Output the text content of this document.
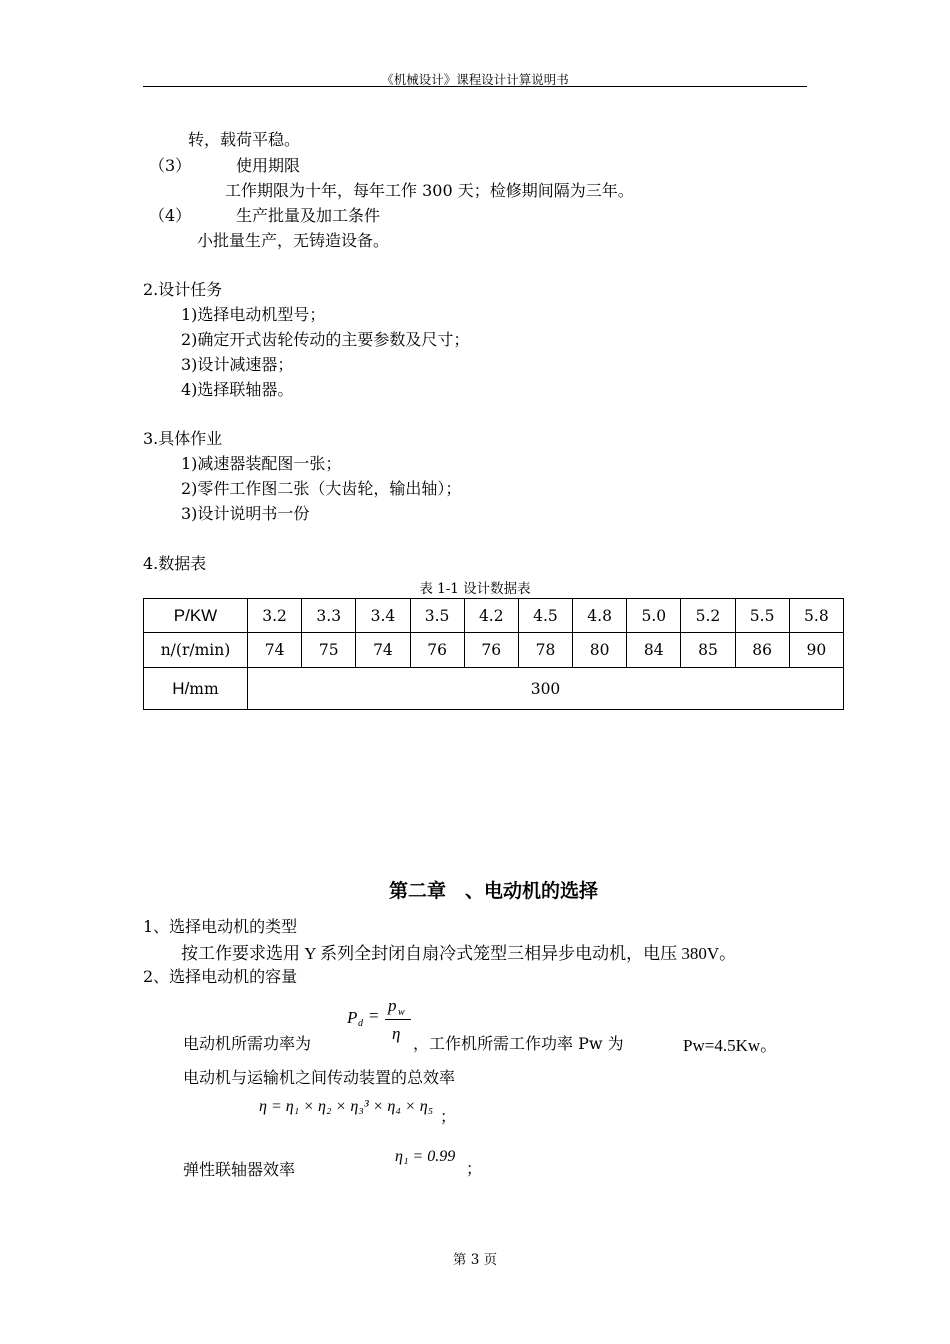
《机械设计》课程设计计算说明书
转，载荷平稳。
（3）	使用期限
工作期限为十年，每年工作 300 天；检修期间隔为三年。
（4）	生产批量及加工条件
小批量生产，无铸造设备。
2.设计任务
1)选择电动机型号；
2)确定开式齿轮传动的主要参数及尺寸；
3)设计减速器；
4)选择联轴器。
3.具体作业
1)减速器装配图一张；
2)零件工作图二张（大齿轮，输出轴）；
3)设计说明书一份
4.数据表
表 1-1 设计数据表
P/KW	3.2	3.3	3.4	3.5	4.2	4.5	4.8	5.0	5.2	5.5	5.8
n/(r/min)	74	75	74	76	76	78	80	84	85	86	90
H/mm	300										
第二章　、电动机的选择
1、选择电动机的类型
按工作要求选用 Y 系列全封闭自扇冷式笼型三相异步电动机，电压 380V。
2、选择电动机的容量
电动机所需功率为
P d =
p w
η
，工作机所需工作功率 Pw 为	Pw=4.5Kw。
电动机与运输机之间传动装置的总效率
η = η₁ × η₂ × η₃³ × η₄ × η₅
；
弹性联轴器效率
η₁ = 0.99
；
第 3 页
